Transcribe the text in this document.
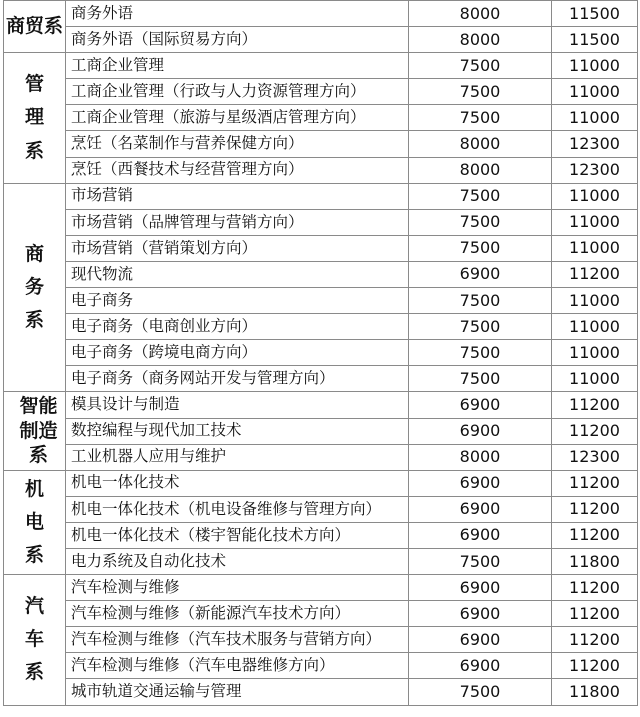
商贸系	商务外语	8000	11500
	商务外语（国际贸易方向）	8000	11500
管理系	工商企业管理	7500	11000
	工商企业管理（行政与人力资源管理方向）	7500	11000
	工商企业管理（旅游与星级酒店管理方向）	7500	11000
	烹饪（名菜制作与营养保健方向）	8000	12300
	烹饪（西餐技术与经营管理方向）	8000	12300
商务系	市场营销	7500	11000
	市场营销（品牌管理与营销方向）	7500	11000
	市场营销（营销策划方向）	7500	11000
	现代物流	6900	11200
	电子商务	7500	11000
	电子商务（电商创业方向）	7500	11000
	电子商务（跨境电商方向）	7500	11000
	电子商务（商务网站开发与管理方向）	7500	11000
智能制造系	模具设计与制造	6900	11200
	数控编程与现代加工技术	6900	11200
	工业机器人应用与维护	8000	12300
机电系	机电一体化技术	6900	11200
	机电一体化技术（机电设备维修与管理方向）	6900	11200
	机电一体化技术（楼宇智能化技术方向）	6900	11200
	电力系统及自动化技术	7500	11800
汽车系	汽车检测与维修	6900	11200
	汽车检测与维修（新能源汽车技术方向）	6900	11200
	汽车检测与维修（汽车技术服务与营销方向）	6900	11200
	汽车检测与维修（汽车电器维修方向）	6900	11200
	城市轨道交通运输与管理	7500	11800
